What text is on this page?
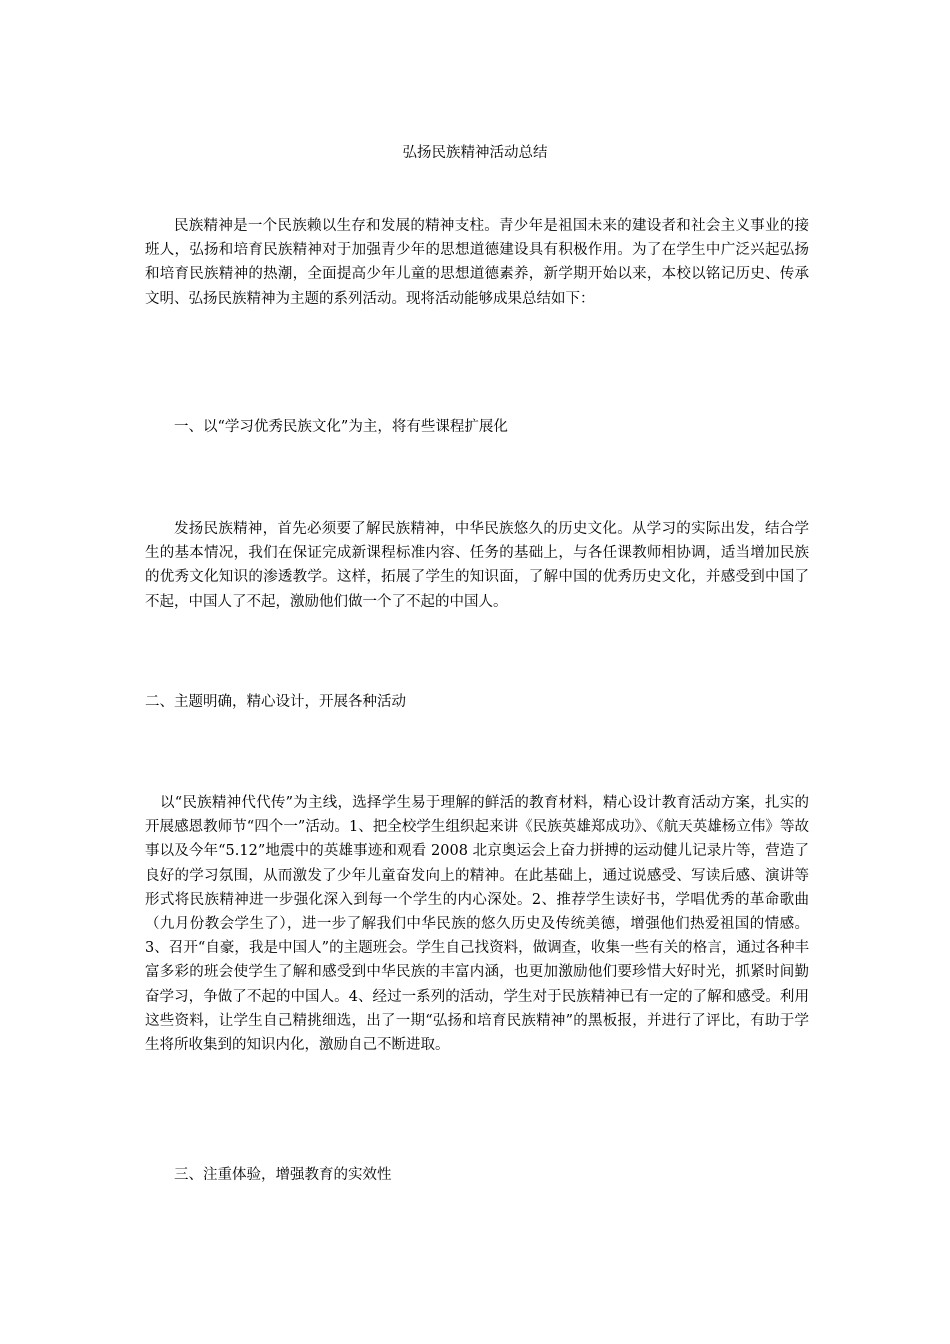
弘扬民族精神活动总结

民族精神是一个民族赖以生存和发展的精神支柱。青少年是祖国未来的建设者和社会主义事业的接班人，弘扬和培育民族精神对于加强青少年的思想道德建设具有积极作用。为了在学生中广泛兴起弘扬和培育民族精神的热潮，全面提高少年儿童的思想道德素养，新学期开始以来，本校以铭记历史、传承文明、弘扬民族精神为主题的系列活动。现将活动能够成果总结如下：

一、以“学习优秀民族文化”为主，将有些课程扩展化

发扬民族精神，首先必须要了解民族精神，中华民族悠久的历史文化。从学习的实际出发，结合学生的基本情况，我们在保证完成新课程标准内容、任务的基础上，与各任课教师相协调，适当增加民族的优秀文化知识的渗透教学。这样，拓展了学生的知识面，了解中国的优秀历史文化，并感受到中国了不起，中国人了不起，激励他们做一个了不起的中国人。

二、主题明确，精心设计，开展各种活动

以“民族精神代代传”为主线，选择学生易于理解的鲜活的教育材料，精心设计教育活动方案，扎实的开展感恩教师节“四个一”活动。1、把全校学生组织起来讲《民族英雄郑成功》、《航天英雄杨立伟》等故事以及今年“5.12”地震中的英雄事迹和观看 2008 北京奥运会上奋力拼搏的运动健儿记录片等，营造了良好的学习氛围，从而激发了少年儿童奋发向上的精神。在此基础上，通过说感受、写读后感、演讲等形式将民族精神进一步强化深入到每一个学生的内心深处。2、推荐学生读好书，学唱优秀的革命歌曲（九月份教会学生了），进一步了解我们中华民族的悠久历史及传统美德，增强他们热爱祖国的情感。3、召开“自豪，我是中国人”的主题班会。学生自己找资料，做调查，收集一些有关的格言，通过各种丰富多彩的班会使学生了解和感受到中华民族的丰富内涵，也更加激励他们要珍惜大好时光，抓紧时间勤奋学习，争做了不起的中国人。4、经过一系列的活动，学生对于民族精神已有一定的了解和感受。利用这些资料，让学生自己精挑细选，出了一期“弘扬和培育民族精神”的黑板报，并进行了评比，有助于学生将所收集到的知识内化，激励自己不断进取。

三、注重体验，增强教育的实效性
